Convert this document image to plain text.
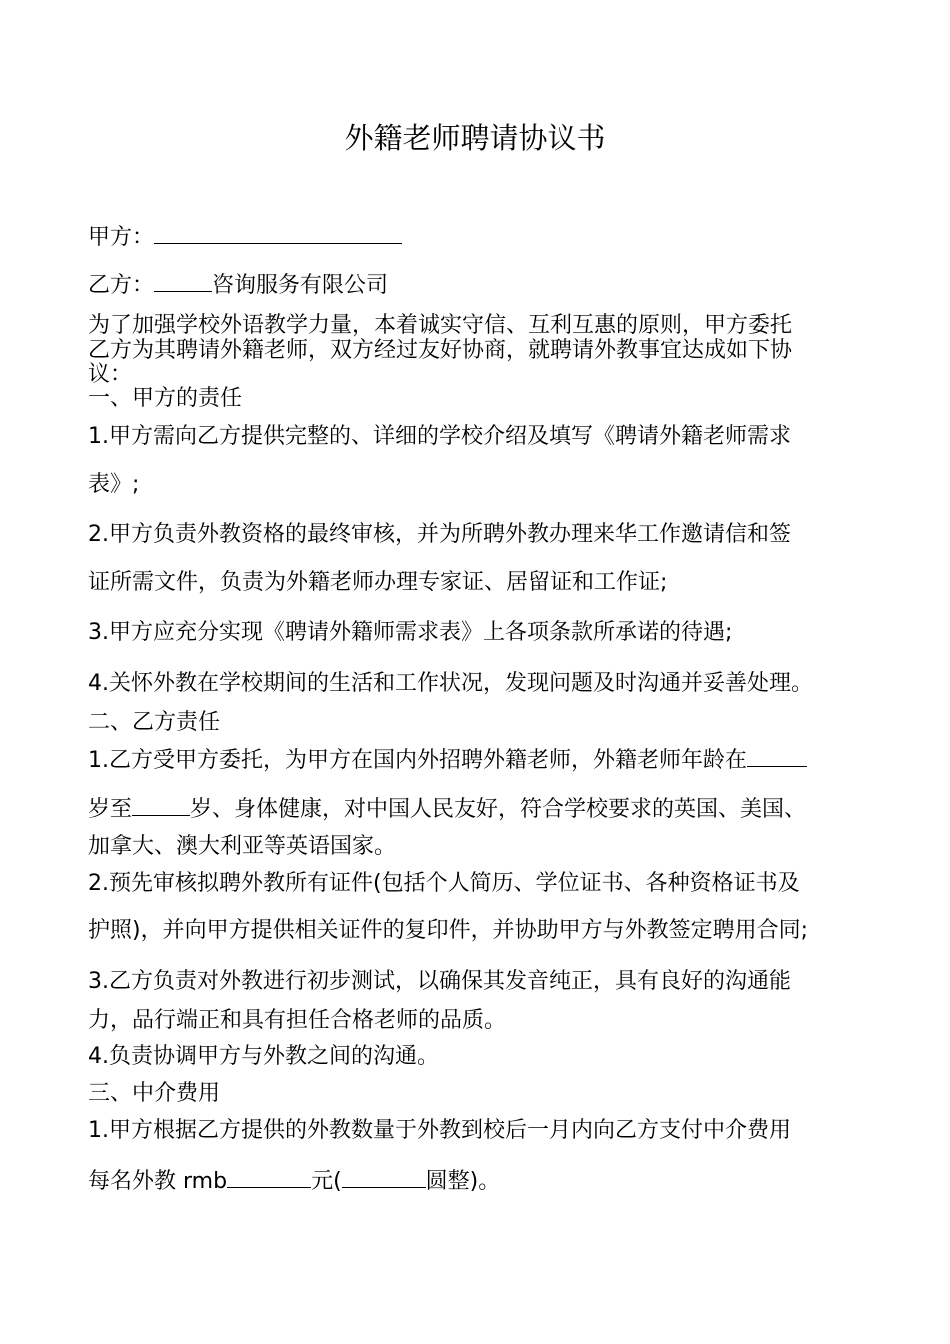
外籍老师聘请协议书
甲方：
乙方：	咨询服务有限公司
为了加强学校外语教学力量，本着诚实守信、互利互惠的原则，甲方委托
乙方为其聘请外籍老师，双方经过友好协商，就聘请外教事宜达成如下协
议：
一、甲方的责任
1.甲方需向乙方提供完整的、详细的学校介绍及填写《聘请外籍老师需求
表》;
2.甲方负责外教资格的最终审核，并为所聘外教办理来华工作邀请信和签
证所需文件，负责为外籍老师办理专家证、居留证和工作证;
3.甲方应充分实现《聘请外籍师需求表》上各项条款所承诺的待遇;
4.关怀外教在学校期间的生活和工作状况，发现问题及时沟通并妥善处理。
二、乙方责任
1.乙方受甲方委托，为甲方在国内外招聘外籍老师，外籍老师年龄在
岁至	岁、身体健康，对中国人民友好，符合学校要求的英国、美国、
加拿大、澳大利亚等英语国家。
2.预先审核拟聘外教所有证件(包括个人简历、学位证书、各种资格证书及
护照)，并向甲方提供相关证件的复印件，并协助甲方与外教签定聘用合同;
3.乙方负责对外教进行初步测试，以确保其发音纯正，具有良好的沟通能
力，品行端正和具有担任合格老师的品质。
4.负责协调甲方与外教之间的沟通。
三、中介费用
1.甲方根据乙方提供的外教数量于外教到校后一月内向乙方支付中介费用
每名外教 rmb	元(	圆整)。
